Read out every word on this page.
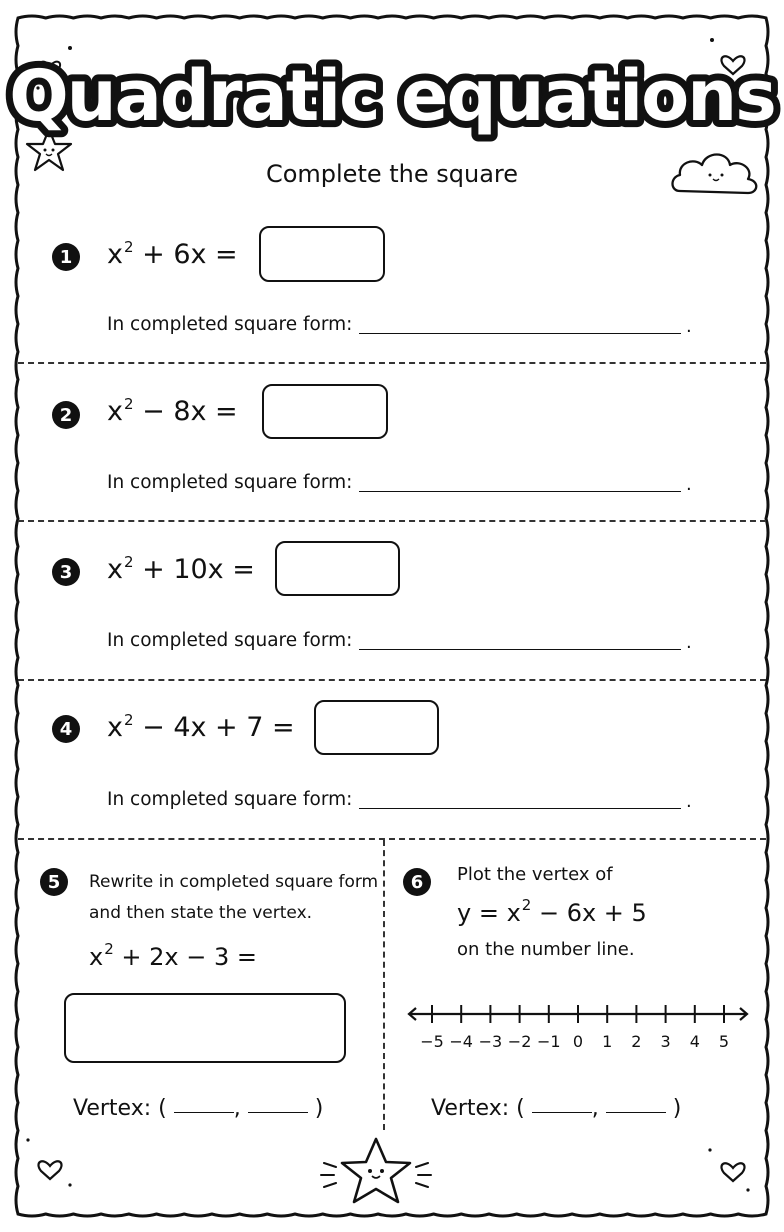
Quadratic equations
Complete the square
1 $x^2 + 6x$ =
In completed square form:	.
2 $x^2 - 8x$ =
In completed square form:	.
3 $x^2 + 10x$ =
In completed square form:	.
4 $x^2 - 4x + 7$ =
In completed square form:	.
5	Rewrite in completed square form
and then state the vertex.
$x^2 + 2x - 3$ =
Vertex: (	,	)
6	Plot the vertex of
$y = x^2 - 6x + 5$
on the number line.
−5 −4 −3 −2 −1 0 1 2 3 4 5
Vertex: (	,	)
